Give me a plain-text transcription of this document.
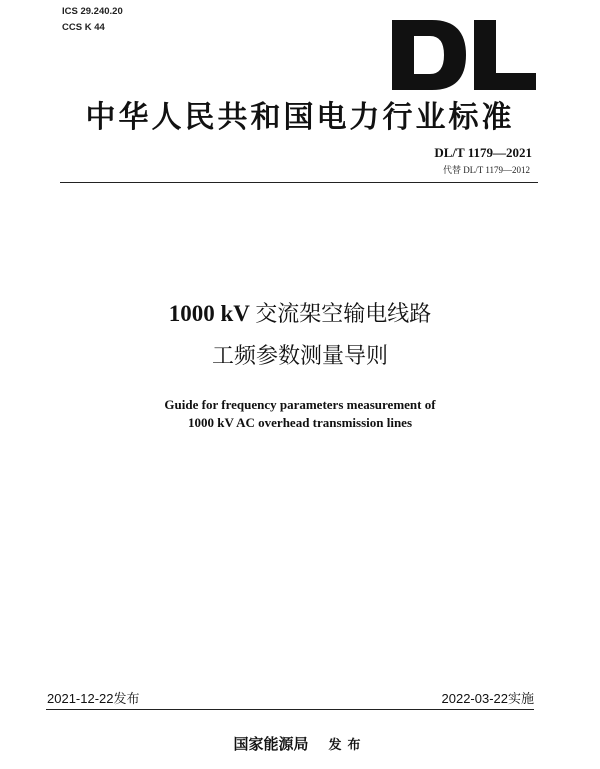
ICS 29.240.20
CCS K 44
DL
中华人民共和国电力行业标准
DL/T 1179—2021
代替 DL/T 1179—2012
1000 kV 交流架空输电线路
工频参数测量导则
Guide for frequency parameters measurement of
1000 kV AC overhead transmission lines
2021-12-22发布	2022-03-22实施
国家能源局 发布
